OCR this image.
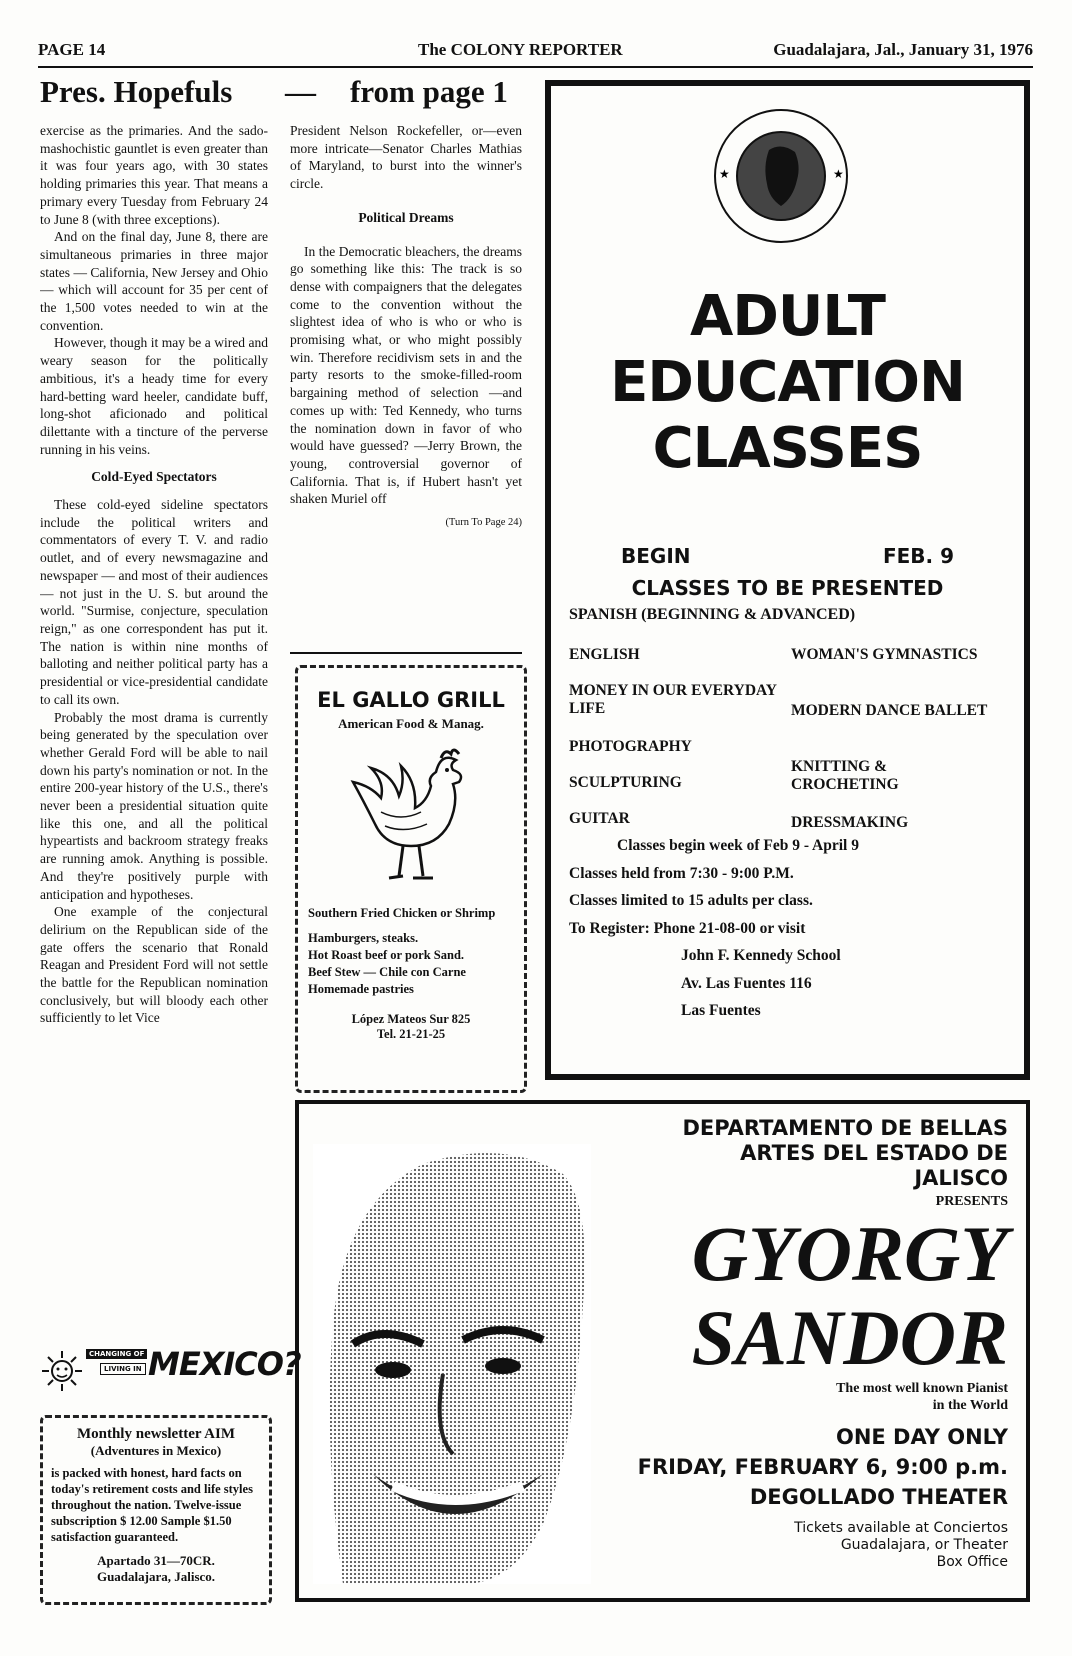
PAGE 14	The COLONY REPORTER	Guadalajara, Jal., January 31, 1976
Pres. Hopefuls — from page 1

exercise as the primaries. And the sado-mashochistic gauntlet is even greater than it was four years ago, with 30 states holding primaries this year. That means a primary every Tuesday from February 24 to June 8 (with three exceptions).

And on the final day, June 8, there are simultaneous primaries in three major states — California, New Jersey and Ohio — which will account for 35 per cent of the 1,500 votes needed to win at the convention.

However, though it may be a wired and weary season for the politically ambitious, it's a heady time for every hard-betting ward heeler, candidate buff, long-shot aficionado and political dilettante with a tincture of the perverse running in his veins.

Cold-Eyed Spectators

These cold-eyed sideline spectators include the political writers and commentators of every T. V. and radio outlet, and of every newsmagazine and newspaper — and most of their audiences — not just in the U. S. but around the world. "Surmise, conjecture, speculation reign," as one correspondent has put it. The nation is within nine months of balloting and neither political party has a presidential or vice-presidential candidate to call its own.

Probably the most drama is currently being generated by the speculation over whether Gerald Ford will be able to nail down his party's nomination or not. In the entire 200-year history of the U.S., there's never been a presidential situation quite like this one, and all the political hypeartists and backroom strategy freaks are running amok. Anything is possible. And they're positively purple with anticipation and hypotheses.

One example of the conjectural delirium on the Republican side of the gate offers the scenario that Ronald Reagan and President Ford will not settle the battle for the Republican nomination conclusively, but will bloody each other sufficiently to let Vice

President Nelson Rockefeller, or—even more intricate—Senator Charles Mathias of Maryland, to burst into the winner's circle.

Political Dreams

In the Democratic bleachers, the dreams go something like this: The track is so dense with compaigners that the delegates come to the convention without the slightest idea of who is who or who is promising what, or who might possibly win. Therefore recidivism sets in and the party resorts to the smoke-filled-room bargaining method of selection —and comes up with: Ted Kennedy, who turns the nomination down in favor of who would have guessed? —Jerry Brown, the young, controversial governor of California. That is, if Hubert hasn't yet shaken Muriel off

(Turn To Page 24)
CHANGING OF
LIVING IN MEXICO?
Monthly newsletter AIM
(Adventures in Mexico)
is packed with honest, hard facts on today's retirement costs and life styles throughout the nation. Twelve-issue subscription $ 12.00 Sample $1.50 satisfaction guaranteed.
Apartado 31—70CR.
Guadalajara, Jalisco.
EL GALLO GRILL
American Food & Manag.
Southern Fried Chicken or Shrimp
Hamburgers, steaks.
Hot Roast beef or pork Sand.
Beef Stew — Chile con Carne
Homemade pastries
López Mateos Sur 825
Tel. 21-21-25
★	★
ADULT
EDUCATION
CLASSES
BEGIN	FEB. 9
CLASSES TO BE PRESENTED
SPANISH (BEGINNING & ADVANCED)
ENGLISH
MONEY IN OUR EVERYDAY LIFE
PHOTOGRAPHY
SCULPTURING
GUITAR
WOMAN'S GYMNASTICS
MODERN DANCE BALLET
KNITTING & CROCHETING
DRESSMAKING
Classes begin week of Feb 9 - April 9
Classes held from 7:30 - 9:00 P.M.
Classes limited to 15 adults per class.
To Register: Phone 21-08-00 or visit
John F. Kennedy School
Av. Las Fuentes 116
Las Fuentes
DEPARTAMENTO DE BELLAS
ARTES DEL ESTADO DE
JALISCO
PRESENTS
GYORGY
SANDOR
The most well known Pianist
in the World
ONE DAY ONLY
FRIDAY, FEBRUARY 6, 9:00 p.m.
DEGOLLADO THEATER
Tickets available at Conciertos
Guadalajara, or Theater
Box Office
